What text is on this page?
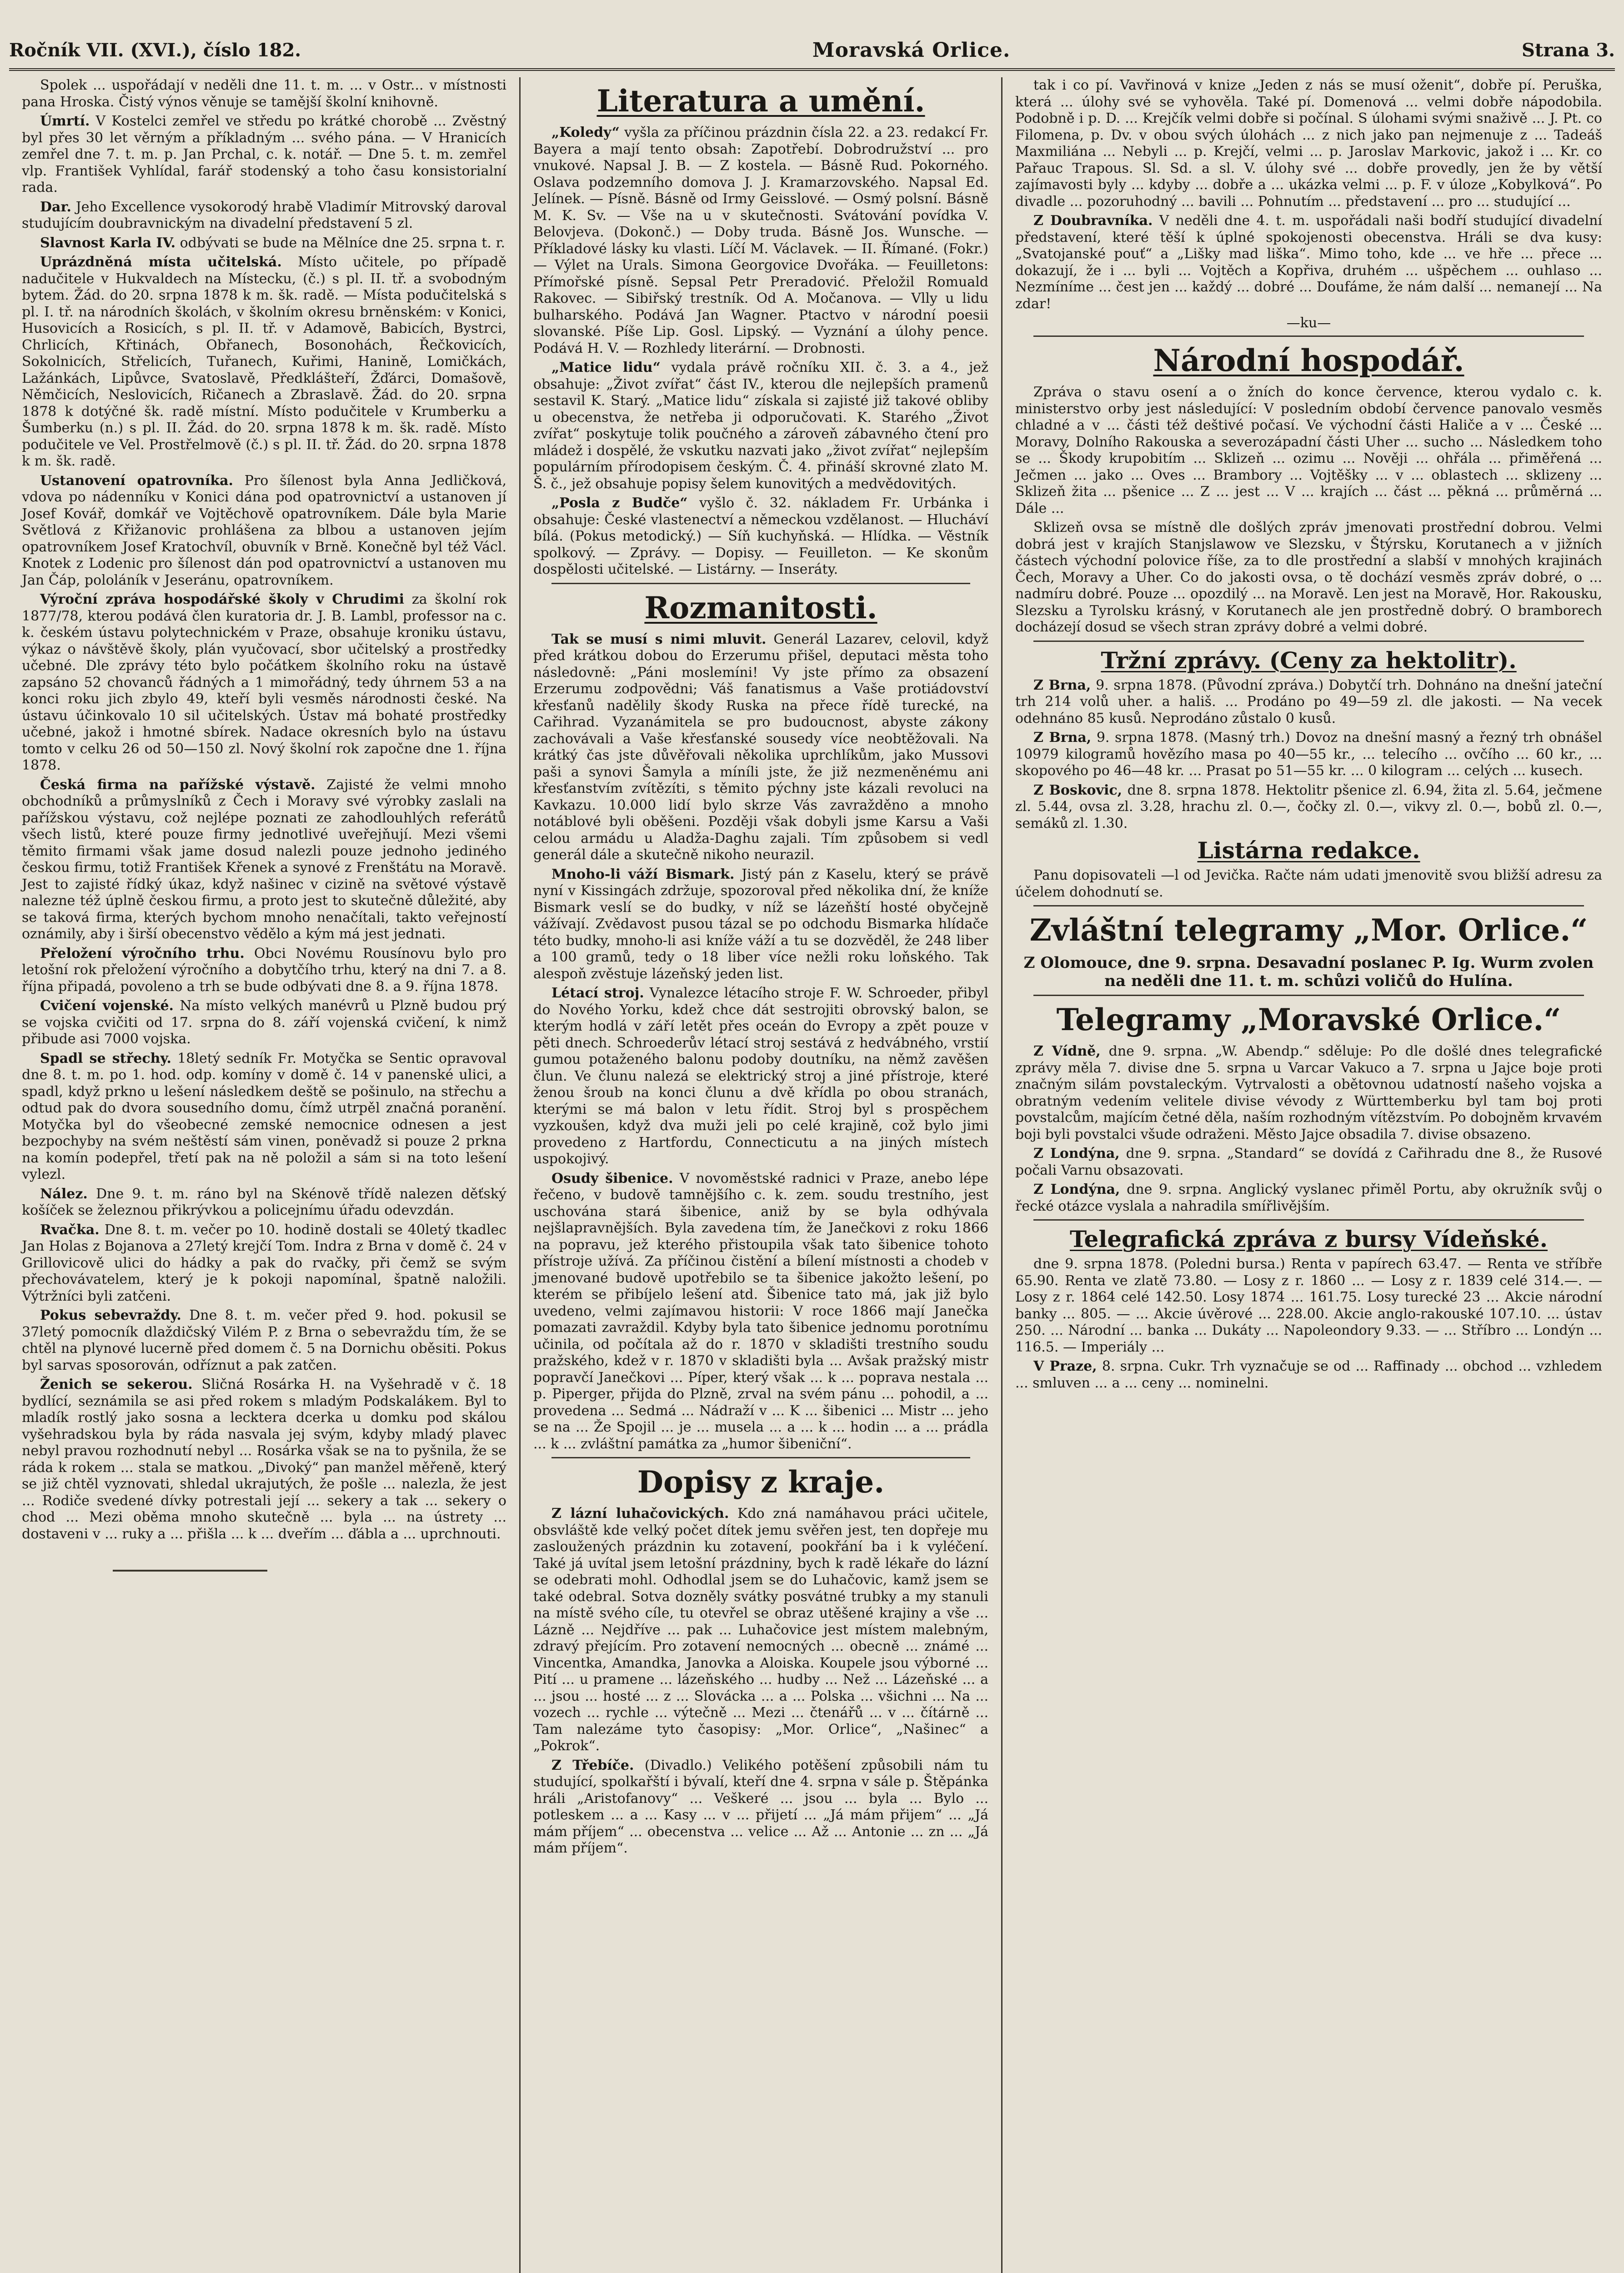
Ročník VII. (XVI.), číslo 182.	Moravská Orlice.	Strana 3.

Spolek ... uspořádají v neděli dne 11. t. m. ... v Ostr... v místnosti pana Hroska. Čistý výnos věnuje se tamější školní knihovně.

Úmrtí. V Kostelci zemřel ve středu po krátké chorobě ... Zvěstný byl přes 30 let věrným a příkladným ... svého pána. — V Hranicích zemřel dne 7. t. m. p. Jan Prchal, c. k. notář. — Dne 5. t. m. zemřel vlp. František Vyhlídal, farář stodenský a toho času konsistorialní rada.

Dar. Jeho Excellence vysokorodý hrabě Vladimír Mitrovský daroval studujícím doubravnickým na divadelní představení 5 zl.

Slavnost Karla IV. odbývati se bude na Mělníce dne 25. srpna t. r.

Uprázdněná místa učitelská. Místo učitele, po případě nadučitele v Hukvaldech na Místecku, (č.) s pl. II. tř. a svobodným bytem. Žád. do 20. srpna 1878 k m. šk. radě. — Místa podučitelská s pl. I. tř. na národních školách, v školním okresu brněnském: v Konici, Husovicích a Rosicích, s pl. II. tř. v Adamově, Babicích, Bystrci, Chrlicích, Křtinách, Obřanech, Bosonohách, Řečkovicích, Sokolnicích, Střelicích, Tuřanech, Kuřimi, Hanině, Lomičkách, Lažánkách, Lipůvce, Svatoslavě, Předklášteří, Žďárci, Domašově, Němčicích, Neslovicích, Ričanech a Zbraslavě. Žád. do 20. srpna 1878 k dotýčné šk. radě místní. Místo podučitele v Krumberku a Šumberku (n.) s pl. II. Žád. do 20. srpna 1878 k m. šk. radě. Místo podučitele ve Vel. Prostřelmově (č.) s pl. II. tř. Žád. do 20. srpna 1878 k m. šk. radě.

Ustanovení opatrovníka. Pro šílenost byla Anna Jedličková, vdova po nádenníku v Konici dána pod opatrovnictví a ustanoven jí Josef Kovář, domkář ve Vojtěchově opatrovníkem. Dále byla Marie Světlová z Křižanovic prohlášena za blbou a ustanoven jejím opatrovníkem Josef Kratochvíl, obuvník v Brně. Konečně byl též Václ. Knotek z Lodenic pro šílenost dán pod opatrovnictví a ustanoven mu Jan Čáp, pololáník v Jeseránu, opatrovníkem.

Výroční zpráva hospodářské školy v Chrudimi za školní rok 1877/78, kterou podává člen kuratoria dr. J. B. Lambl, professor na c. k. českém ústavu polytechnickém v Praze, obsahuje kroniku ústavu, výkaz o návštěvě školy, plán vyučovací, sbor učitelský a prostředky učebné. Dle zprávy této bylo počátkem školního roku na ústavě zapsáno 52 chovanců řádných a 1 mimořádný, tedy úhrnem 53 a na konci roku jich zbylo 49, kteří byli vesměs národnosti české. Na ústavu účinkovalo 10 sil učitelských. Ústav má bohaté prostředky učebné, jakož i hmotné sbírek. Nadace okresních bylo na ústavu tomto v celku 26 od 50—150 zl. Nový školní rok započne dne 1. října 1878.

Česká firma na pařížské výstavě. Zajisté že velmi mnoho obchodníků a průmyslníků z Čech i Moravy své výrobky zaslali na pařížskou výstavu, což nejlépe poznati ze zahodlouhlých referátů všech listů, které pouze firmy jednotlivé uveřejňují. Mezi všemi těmito firmami však jame dosud nalezli pouze jednoho jediného českou firmu, totiž František Křenek a synové z Frenštátu na Moravě. Jest to zajisté řídký úkaz, když našinec v cizině na světové výstavě nalezne též úplně českou firmu, a proto jest to skutečně důležité, aby se taková firma, kterých bychom mnoho nenačítali, takto veřejností oznámily, aby i širší obecenstvo vědělo a kým má jest jednati.

Přeložení výročního trhu. Obci Novému Rousínovu bylo pro letošní rok přeložení výročního a dobytčího trhu, který na dni 7. a 8. října připadá, povoleno a trh se bude odbývati dne 8. a 9. října 1878.

Cvičení vojenské. Na místo velkých manévrů u Plzně budou prý se vojska cvičiti od 17. srpna do 8. září vojenská cvičení, k nimž přibude asi 7000 vojska.

Spadl se střechy. 18letý sedník Fr. Motyčka se Sentic opravoval dne 8. t. m. po 1. hod. odp. komíny v domě č. 14 v panenské ulici, a spadl, když prkno u lešení následkem deště se pošinulo, na střechu a odtud pak do dvora sousedního domu, čímž utrpěl značná poranění. Motyčka byl do všeobecné zemské nemocnice odnesen a jest bezpochyby na svém neštěstí sám vinen, poněvadž si pouze 2 prkna na komín podepřel, třetí pak na ně položil a sám si na toto lešení vylezl.

Nález. Dne 9. t. m. ráno byl na Skénově třídě nalezen děťský košíček se železnou přikrývkou a policejnímu úřadu odevzdán.

Rvačka. Dne 8. t. m. večer po 10. hodině dostali se 40letý tkadlec Jan Holas z Bojanova a 27letý krejčí Tom. Indra z Brna v domě č. 24 v Grillovicově ulici do hádky a pak do rvačky, při čemž se svým přechovávatelem, který je k pokoji napomínal, špatně naložili. Výtržníci byli zatčeni.

Pokus sebevraždy. Dne 8. t. m. večer před 9. hod. pokusil se 37letý pomocník dlaždičský Vilém P. z Brna o sebevraždu tím, že se chtěl na plynové lucerně před domem č. 5 na Dornichu oběsiti. Pokus byl sarvas sposorován, odříznut a pak zatčen.

Ženich se sekerou. Sličná Rosárka H. na Vyšehradě v č. 18 bydlící, seznámila se asi před rokem s mladým Podskalákem. Byl to mladík rostlý jako sosna a lecktera dcerka u domku pod skálou vyšehradskou byla by ráda nasvala jej svým, kdyby mladý plavec nebyl pravou rozhodnutí nebyl ... Rosárka však se na to pyšnila, že se ráda k rokem ... stala se matkou. „Divoký“ pan manžel měřeně, který se již chtěl vyznovati, shledal ukrajutých, že pošle ... nalezla, že jest ... Rodiče svedené dívky potrestali její ... sekery a tak ... sekery o chod ... Mezi oběma mnoho skutečně ... byla ... na ústrety ... dostaveni v ... ruky a ... přišla ... k ... dveřím ... ďábla a ... uprchnouti.

Literatura a umění.

„Koledy“ vyšla za příčinou prázdnin čísla 22. a 23. redakcí Fr. Bayera a mají tento obsah: Zapotřebí. Dobrodružství ... pro vnukové. Napsal J. B. — Z kostela. — Básně Rud. Pokorného. Oslava podzemního domova J. J. Kramarzovského. Napsal Ed. Jelínek. — Písně. Básně od Irmy Geisslové. — Osmý polsní. Básně M. K. Sv. — Vše na u v skutečnosti. Svátování povídka V. Belovjeva. (Dokonč.) — Doby truda. Básně Jos. Wunsche. — Příkladové lásky ku vlasti. Líčí M. Václavek. — II. Římané. (Fokr.) — Výlet na Urals. Simona Georgovice Dvořáka. — Feuilletons: Přímořské písně. Sepsal Petr Preradović. Přeložil Romuald Rakovec. — Sibiřský trestník. Od A. Močanova. — Vlly u lidu bulharského. Podává Jan Wagner. Ptactvo v národní poesii slovanské. Píše Lip. Gosl. Lipský. — Vyznání a úlohy pence. Podává H. V. — Rozhledy literární. — Drobnosti.

„Matice lidu“ vydala právě ročníku XII. č. 3. a 4., jež obsahuje: „Život zvířat“ část IV., kterou dle nejlepších pramenů sestavil K. Starý. „Matice lidu“ získala si zajisté již takové obliby u obecenstva, že netřeba ji odporučovati. K. Starého „Život zvířat“ poskytuje tolik poučného a zároveň zábavného čtení pro mládež i dospělé, že vskutku nazvati jako „život zvířat“ nejlepším populárním přírodopisem českým. Č. 4. přináší skrovné zlato M. Š. č., jež obsahuje popisy šelem kunovitých a medvědovitých.

„Posla z Budče“ vyšlo č. 32. nákladem Fr. Urbánka i obsahuje: České vlastenectví a německou vzdělanost. — Hlucháví bílá. (Pokus metodický.) — Síň kuchyňská. — Hlídka. — Věstník spolkový. — Zprávy. — Dopisy. — Feuilleton. — Ke skonům dospělosti učitelské. — Listárny. — Inseráty.

Rozmanitosti.

Tak se musí s nimi mluvit. Generál Lazarev, celovil, když před krátkou dobou do Erzerumu přišel, deputaci města toho následovně: „Páni moslemíni! Vy jste přímo za obsazení Erzerumu zodpovědni; Váš fanatismus a Vaše protiádovství křesťanů nadělily škody Ruska na přece řídě turecké, na Cařihrad. Vyzanámitela se pro budoucnost, abyste zákony zachovávali a Vaše křesťanské sousedy více neobtěžovali. Na krátký čas jste důvěřovali několika uprchlíkům, jako Mussovi paši a synovi Šamyla a míníli jste, že již nezmeněnému ani křesťanstvím zvítězíti, s těmito pýchny jste kázali revoluci na Kavkazu. 10.000 lidí bylo skrze Vás zavražděno a mnoho notáblové byli oběšeni. Později však dobyli jsme Karsu a Vaši celou armádu u Aladža-Daghu zajali. Tím způsobem si vedl generál dále a skutečně nikoho neurazil.

Mnoho-li váží Bismark. Jistý pán z Kaselu, který se právě nyní v Kissingách zdržuje, spozoroval před několika dní, že kníže Bismark veslí se do budky, v níž se lázeňští hosté obyčejně vážívají. Zvědavost pusou tázal se po odchodu Bismarka hlídače této budky, mnoho-li asi kníže váží a tu se dozvěděl, že 248 liber a 100 gramů, tedy o 18 liber více nežli roku loňského. Tak alespoň zvěstuje lázeňský jeden list.

Létací stroj. Vynalezce létacího stroje F. W. Schroeder, přibyl do Nového Yorku, kdež chce dát sestrojiti obrovský balon, se kterým hodlá v září letět přes oceán do Evropy a zpět pouze v pěti dnech. Schroederův létací stroj sestává z hedvábného, vrstií gumou potaženého balonu podoby doutníku, na němž zavěšen člun. Ve člunu nalezá se elektrický stroj a jiné přístroje, které ženou šroub na konci člunu a dvě křídla po obou stranách, kterými se má balon v letu řídit. Stroj byl s prospěchem vyzkoušen, když dva muži jeli po celé krajině, což bylo jimi provedeno z Hartfordu, Connecticutu a na jiných místech uspokojivý.

Osudy šibenice. V novoměstské radnici v Praze, anebo lépe řečeno, v budově tamnějšího c. k. zem. soudu trestního, jest uschována stará šibenice, aniž by se byla odhývala nejšlapravnějších. Byla zavedena tím, že Janečkovi z roku 1866 na popravu, jež kterého přistoupila však tato šibenice tohoto přístroje užívá. Za příčinou čistění a bílení místnosti a chodeb v jmenované budově upotřebilo se ta šibenice jakožto lešení, po kterém se přibíjelo lešení atd. Šibenice tato má, jak již bylo uvedeno, velmi zajímavou historii: V roce 1866 mají Janečka pomazati zavraždil. Kdyby byla tato šibenice jednomu porotnímu učinila, od počítala až do r. 1870 v skladišti trestního soudu pražského, kdež v r. 1870 v skladišti byla ... Avšak pražský mistr popravčí Janečkovi ... Píper, který však ... k ... poprava nestala ... p. Piperger, přijda do Plzně, zrval na svém pánu ... pohodil, a ... provedena ... Sedmá ... Nádraží v ... K ... šibenici ... Mistr ... jeho se na ... Že Spojil ... je ... musela ... a ... k ... hodin ... a ... prádla ... k ... zvláštní památka za „humor šibeniční“.

Dopisy z kraje.

Z lázní luhačovických. Kdo zná namáhavou práci učitele, obsvláště kde velký počet dítek jemu svěřen jest, ten dopřeje mu zasloužených prázdnin ku zotavení, pookřání ba i k vyléčení. Také já uvítal jsem letošní prázdniny, bych k radě lékaře do lázní se odebrati mohl. Odhodlal jsem se do Luhačovic, kamž jsem se také odebral. Sotva dozněly svátky posvátné trubky a my stanuli na místě svého cíle, tu otevřel se obraz utěšené krajiny a vše ... Lázně ... Nejdříve ... pak ... Luhačovice jest místem malebným, zdravý přejícím. Pro zotavení nemocných ... obecně ... známé ... Vincentka, Amandka, Janovka a Aloiska. Koupele jsou výborné ... Pití ... u pramene ... lázeňského ... hudby ... Než ... Lázeňské ... a ... jsou ... hosté ... z ... Slovácka ... a ... Polska ... všichni ... Na ... vozech ... rychle ... výtečně ... Mezi ... čtenářů ... v ... čítárně ... Tam nalezáme tyto časopisy: „Mor. Orlice“, „Našinec“ a „Pokrok“.

Z Třebíče. (Divadlo.) Velikého potěšení způsobili nám tu studující, spolkařští i bývalí, kteří dne 4. srpna v sále p. Štěpánka hráli „Aristofanovy“ ... Veškeré ... jsou ... byla ... Bylo ... potleskem ... a ... Kasy ... v ... přijetí ... „Já mám přijem“ ... „Já mám příjem“ ... obecenstva ... velice ... Až ... Antonie ... zn ... „Já mám příjem“.

tak i co pí. Vavřinová v knize „Jeden z nás se musí oženit“, dobře pí. Peruška, která ... úlohy své se vyhověla. Také pí. Domenová ... velmi dobře nápodobila. Podobně i p. D. ... Krejčík velmi dobře si počínal. S úlohami svými snaživě ... J. Pt. co Filomena, p. Dv. v obou svých úlohách ... z nich jako pan nejmenuje z ... Tadeáš Maxmiliána ... Nebyli ... p. Krejčí, velmi ... p. Jaroslav Markovic, jakož i ... Kr. co Pařauc Trapous. Sl. Sd. a sl. V. úlohy své ... dobře provedly, jen že by větší zajímavosti byly ... kdyby ... dobře a ... ukázka velmi ... p. F. v úloze „Kobylková“. Po divadle ... pozoruhodný ... bavili ... Pohnutím ... představení ... pro ... studující ...

Z Doubravníka. V neděli dne 4. t. m. uspořádali naši bodří studující divadelní představení, které těší k úplné spokojenosti obecenstva. Hráli se dva kusy: „Svatojanské pouť“ a „Lišky mad liška“. Mimo toho, kde ... ve hře ... přece ... dokazují, že i ... byli ... Vojtěch a Kopřiva, druhém ... ušpěchem ... ouhlaso ... Nezmíníme ... čest jen ... každý ... dobré ... Doufáme, že nám další ... nemanejí ... Na zdar!

—ku—
Národní hospodář.

Zpráva o stavu osení a o žních do konce července, kterou vydalo c. k. ministerstvo orby jest následující: V posledním období července panovalo vesměs chladné a v ... části též deštivé počasí. Ve východní části Haliče a v ... České ... Moravy, Dolního Rakouska a severozápadní části Uher ... sucho ... Následkem toho se ... Škody krupobitím ... Sklizeň ... ozimu ... Nověji ... ohřála ... přiměřená ... Ječmen ... jako ... Oves ... Brambory ... Vojtěšky ... v ... oblastech ... sklizeny ... Sklizeň žita ... pšenice ... Z ... jest ... V ... krajích ... část ... pěkná ... průměrná ... Dále ...

Sklizeň ovsa se místně dle došlých zpráv jmenovati prostřední dobrou. Velmi dobrá jest v krajích Stanjslawow ve Slezsku, v Štýrsku, Korutanech a v jižních částech východní polovice říše, za to dle prostřední a slabší v mnohých krajinách Čech, Moravy a Uher. Co do jakosti ovsa, o tě dochází vesměs zpráv dobré, o ... nadmíru dobré. Pouze ... opozdilý ... na Moravě. Len jest na Moravě, Hor. Rakousku, Slezsku a Tyrolsku krásný, v Korutanech ale jen prostředně dobrý. O bramborech docházejí dosud se všech stran zprávy dobré a velmi dobré.

Tržní zprávy. (Ceny za hektolitr).

Z Brna, 9. srpna 1878. (Původní zpráva.) Dobytčí trh. Dohnáno na dnešní jateční trh 214 volů uher. a hališ. ... Prodáno po 49—59 zl. dle jakosti. — Na vecek odehnáno 85 kusů. Neprodáno zůstalo 0 kusů.

Z Brna, 9. srpna 1878. (Masný trh.) Dovoz na dnešní masný a řezný trh obnášel 10979 kilogramů hovězího masa po 40—55 kr., ... telecího ... ovčího ... 60 kr., ... skopového po 46—48 kr. ... Prasat po 51—55 kr. ... 0 kilogram ... celých ... kusech.

Z Boskovic, dne 8. srpna 1878. Hektolitr pšenice zl. 6.94, žita zl. 5.64, ječmene zl. 5.44, ovsa zl. 3.28, hrachu zl. 0.—, čočky zl. 0.—, vikvy zl. 0.—, bobů zl. 0.—, semáků zl. 1.30.

Listárna redakce.

Panu dopisovateli —l od Jevička. Račte nám udati jmenovitě svou bližší adresu za účelem dohodnutí se.

Zvláštní telegramy „Mor. Orlice.“

Z Olomouce, dne 9. srpna. Desavadní poslanec P. Ig. Wurm zvolen na neděli dne 11. t. m. schůzi voličů do Hulína.

Telegramy „Moravské Orlice.“

Z Vídně, dne 9. srpna. „W. Abendp.“ sděluje: Po dle došlé dnes telegrafické zprávy měla 7. divise dne 5. srpna u Varcar Vakuco a 7. srpna u Jajce boje proti značným silám povstaleckým. Vytrvalosti a obětovnou udatností našeho vojska a obratným vedením velitele divise vévody z Württemberku byl tam boj proti povstalcům, majícím četné děla, naším rozhodným vítězstvím. Po dobojněm krvavém boji byli povstalci všude odraženi. Město Jajce obsadila 7. divise obsazeno.

Z Londýna, dne 9. srpna. „Standard“ se dovídá z Cařihradu dne 8., že Rusové počali Varnu obsazovati.

Z Londýna, dne 9. srpna. Anglický vyslanec přiměl Portu, aby okružník svůj o řecké otázce vyslala a nahradila smířlivějším.

Telegrafická zpráva z bursy Vídeňské.

dne 9. srpna 1878. (Poledni bursa.) Renta v papírech 63.47. — Renta ve stříbře 65.90. Renta ve zlatě 73.80. — Losy z r. 1860 ... — Losy z r. 1839 celé 314.—. — Losy z r. 1864 celé 142.50. Losy 1874 ... 161.75. Losy turecké 23 ... Akcie národní banky ... 805. — ... Akcie úvěrové ... 228.00. Akcie anglo-rakouské 107.10. ... ústav 250. ... Národní ... banka ... Dukáty ... Napoleondory 9.33. — ... Stříbro ... Londýn ... 116.5. — Imperiály ...

V Praze, 8. srpna. Cukr. Trh vyznačuje se od ... Raffinady ... obchod ... vzhledem ... smluven ... a ... ceny ... nominelni.
